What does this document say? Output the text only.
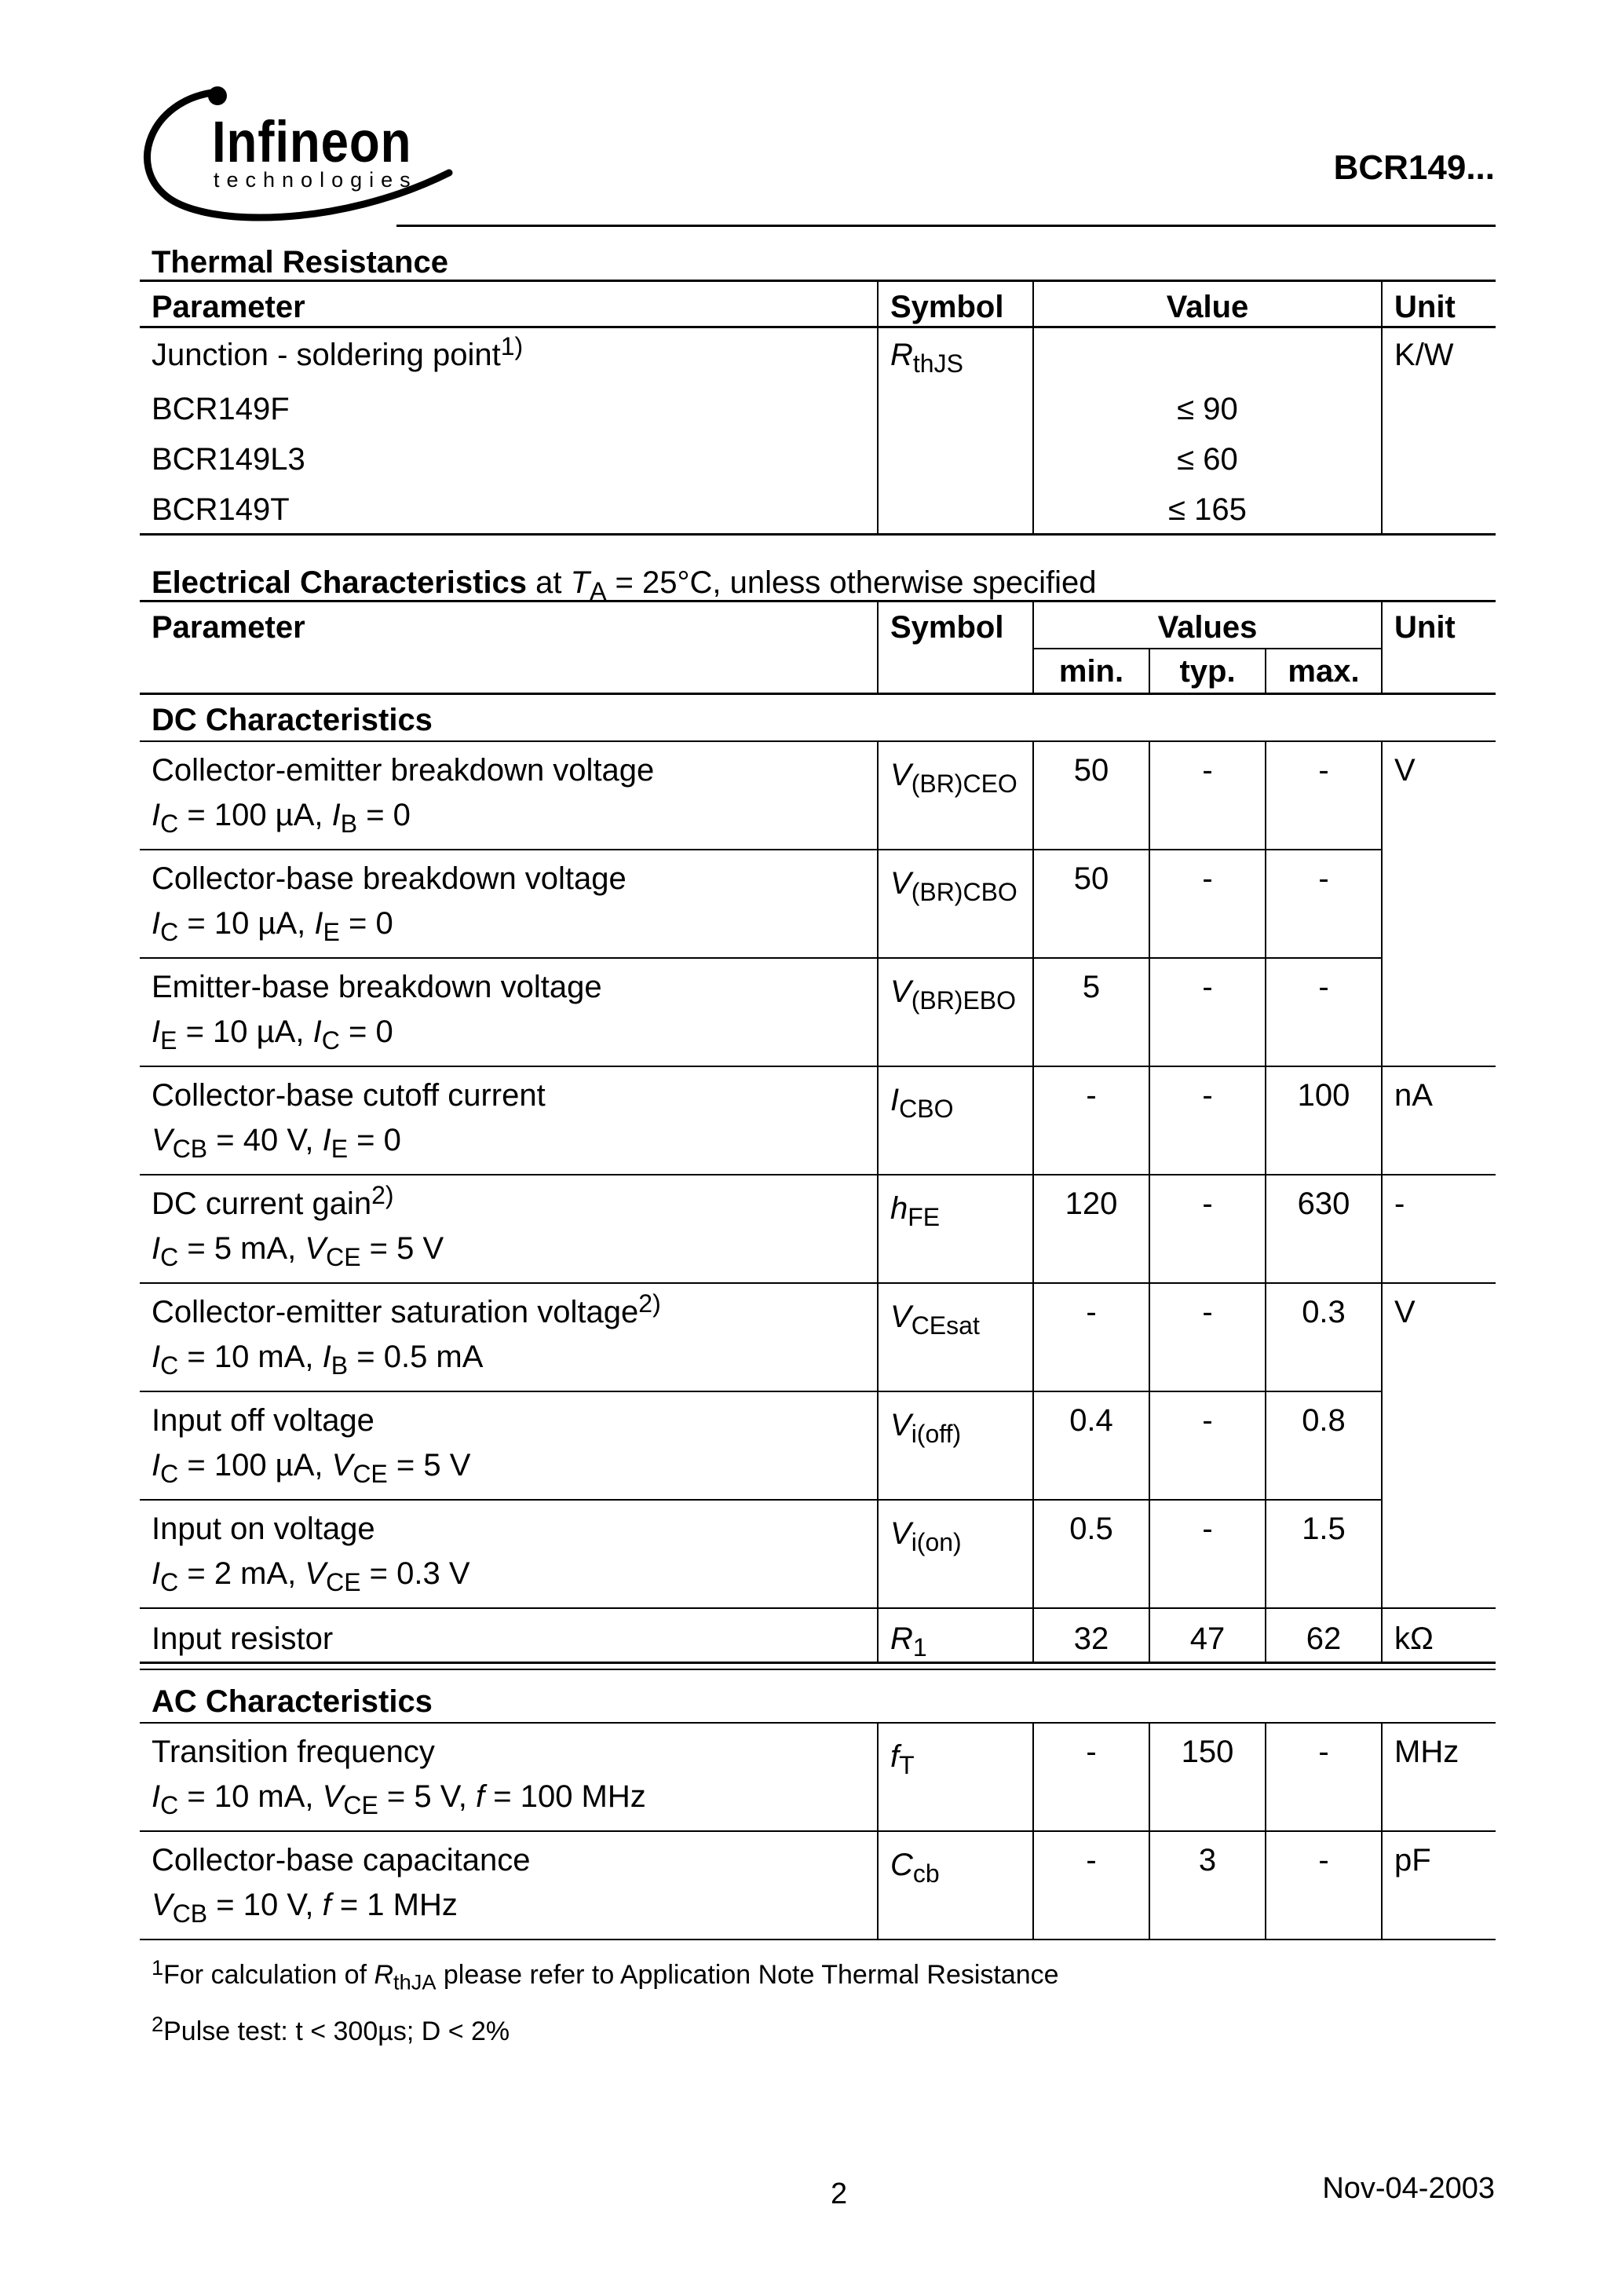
Infineon
technologies	BCR149...
Thermal Resistance
Parameter	Symbol	Value	Unit
Junction - soldering point$^{1)}$	$R_{thJS}$		K/W
BCR149F		≤ 90	
BCR149L3		≤ 60	
BCR149T		≤ 165	
Electrical Characteristics at $T_A = 25^\circ C$, unless otherwise specified
Parameter	Symbol	Values			Unit
		min.	typ.	max.	
DC Characteristics					
Collector-emitter breakdown voltage	$V_{(BR)CEO}$	50	-	-	V
$I_C = 100$ µA, $I_B = 0$					
Collector-base breakdown voltage	$V_{(BR)CBO}$	50	-	-	
$I_C = 10$ µA, $I_E = 0$					
Emitter-base breakdown voltage	$V_{(BR)EBO}$	5	-	-	
$I_E = 10$ µA, $I_C = 0$					
Collector-base cutoff current	$I_{CBO}$	-	-	100	nA
$V_{CB} = 40$ V, $I_E = 0$					
DC current gain$^{2)}$	$h_{FE}$	120	-	630	-
$I_C = 5$ mA, $V_{CE} = 5$ V					
Collector-emitter saturation voltage$^{2)}$	$V_{CEsat}$	-	-	0.3	V
$I_C = 10$ mA, $I_B = 0.5$ mA					
Input off voltage	$V_{i(off)}$	0.4	-	0.8	
$I_C = 100$ µA, $V_{CE} = 5$ V					
Input on voltage	$V_{i(on)}$	0.5	-	1.5	
$I_C = 2$ mA, $V_{CE} = 0.3$ V					
Input resistor	$R_1$	32	47	62	kΩ

AC Characteristics					
Transition frequency	$f_T$	-	150	-	MHz
$I_C = 10$ mA, $V_{CE} = 5$ V, f = 100 MHz					
Collector-base capacitance	$C_{cb}$	-	3	-	pF
$V_{CB} = 10$ V, f = 1 MHz					
$^1$For calculation of $R_{thJA}$ please refer to Application Note Thermal Resistance
$^2$Pulse test: t < 300µs; D < 2%
2	Nov-04-2003
